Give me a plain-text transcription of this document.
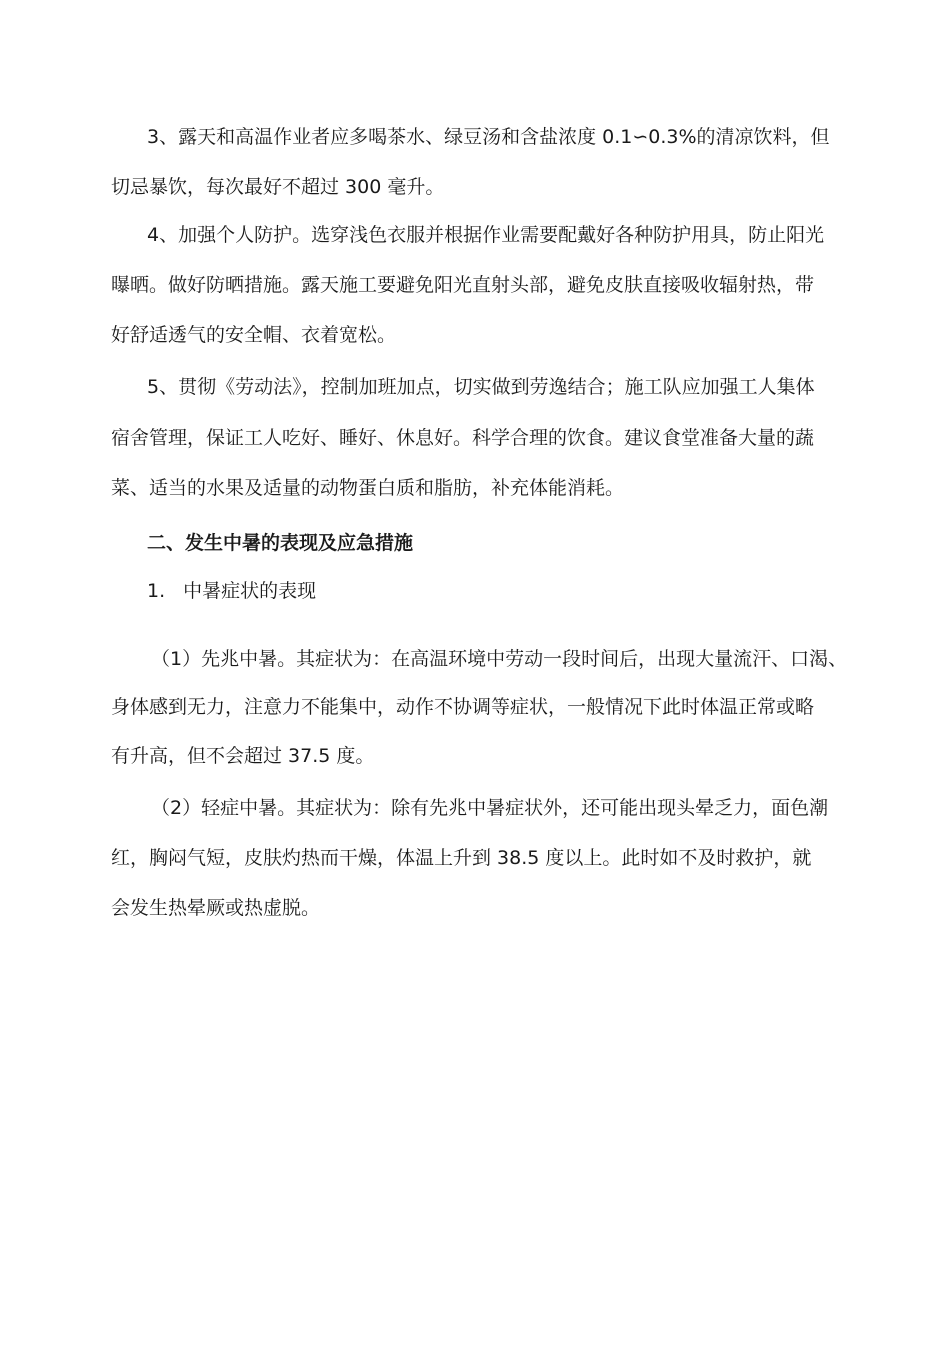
3、露天和高温作业者应多喝茶水、绿豆汤和含盐浓度 0.1∽0.3%的清凉饮料，但
切忌暴饮，每次最好不超过 300 毫升。
4、加强个人防护。选穿浅色衣服并根据作业需要配戴好各种防护用具，防止阳光
曝晒。做好防晒措施。露天施工要避免阳光直射头部，避免皮肤直接吸收辐射热，带
好舒适透气的安全帽、衣着宽松。
5、贯彻《劳动法》，控制加班加点，切实做到劳逸结合；施工队应加强工人集体
宿舍管理，保证工人吃好、睡好、休息好。科学合理的饮食。建议食堂准备大量的蔬
菜、适当的水果及适量的动物蛋白质和脂肪，补充体能消耗。
二、发生中暑的表现及应急措施
1. 中暑症状的表现
（1）先兆中暑。其症状为：在高温环境中劳动一段时间后，出现大量流汗、口渴、
身体感到无力，注意力不能集中，动作不协调等症状，一般情况下此时体温正常或略
有升高，但不会超过 37.5 度。
（2）轻症中暑。其症状为：除有先兆中暑症状外，还可能出现头晕乏力，面色潮
红，胸闷气短，皮肤灼热而干燥，体温上升到 38.5 度以上。此时如不及时救护，就
会发生热晕厥或热虚脱。
